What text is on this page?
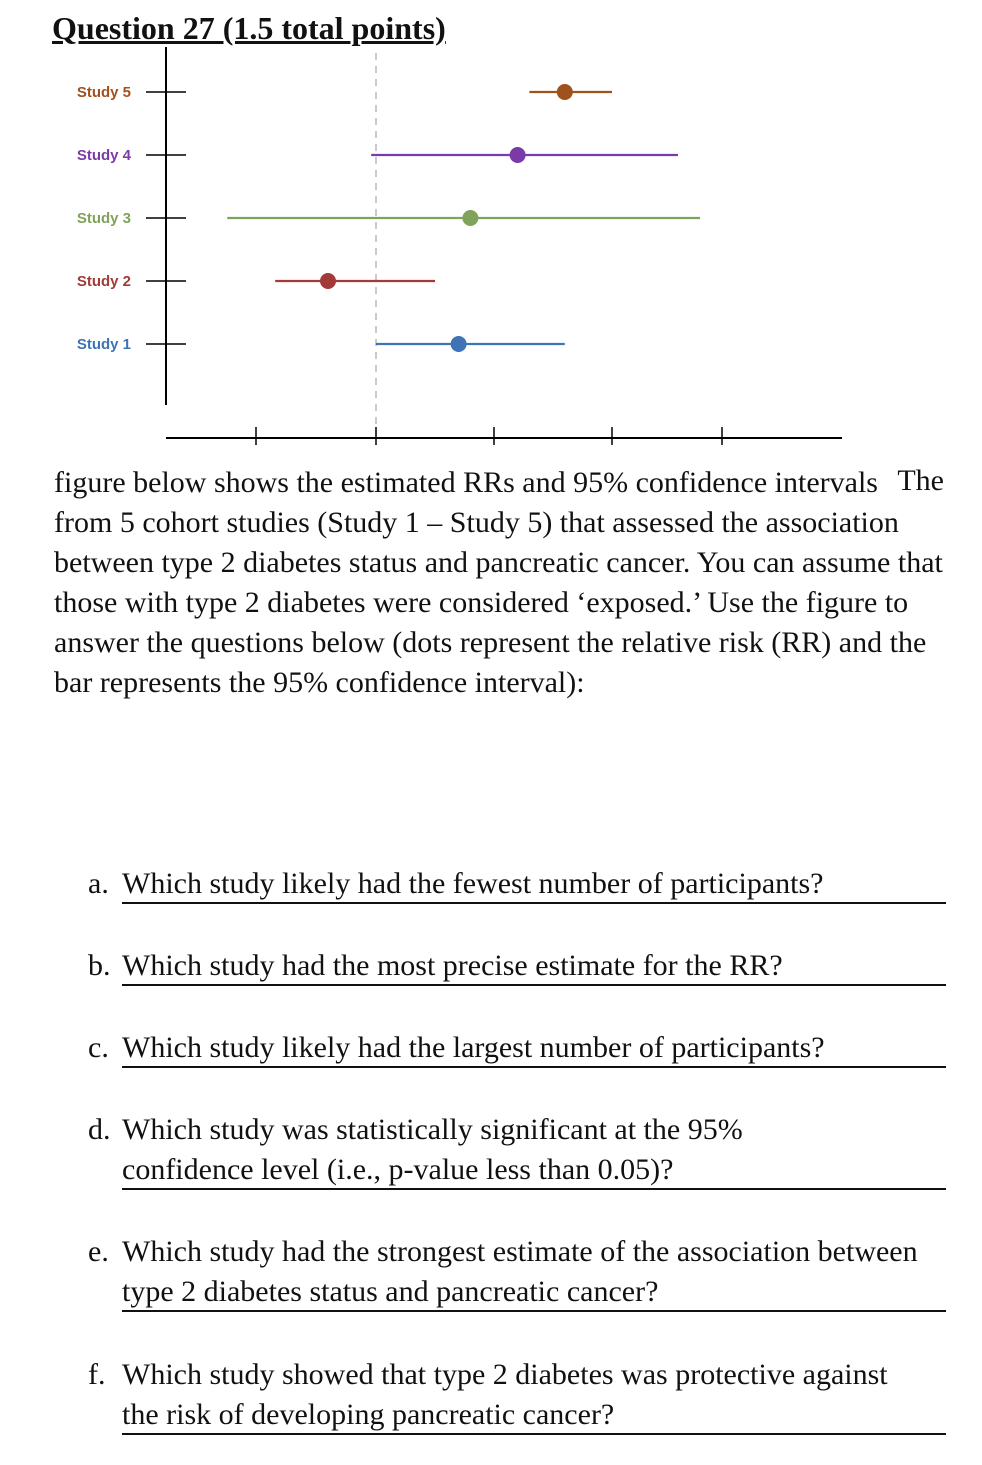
Question 27 (1.5 total points)
Study 5
Study 4
Study 3
Study 2
Study 1
The
figure below shows the estimated RRs and 95% confidence intervals from 5 cohort studies (Study 1 – Study 5) that assessed the association between type 2 diabetes status and pancreatic cancer. You can assume that those with type 2 diabetes were considered ‘exposed.’ Use the figure to answer the questions below (dots represent the relative risk (RR) and the bar represents the 95% confidence interval):
a. Which study likely had the fewest number of participants?
b. Which study had the most precise estimate for the RR?
c. Which study likely had the largest number of participants?
d. Which study was statistically significant at the 95% confidence level (i.e., p-value less than 0.05)?
e. Which study had the strongest estimate of the association between type 2 diabetes status and pancreatic cancer?
f. Which study showed that type 2 diabetes was protective against the risk of developing pancreatic cancer?
